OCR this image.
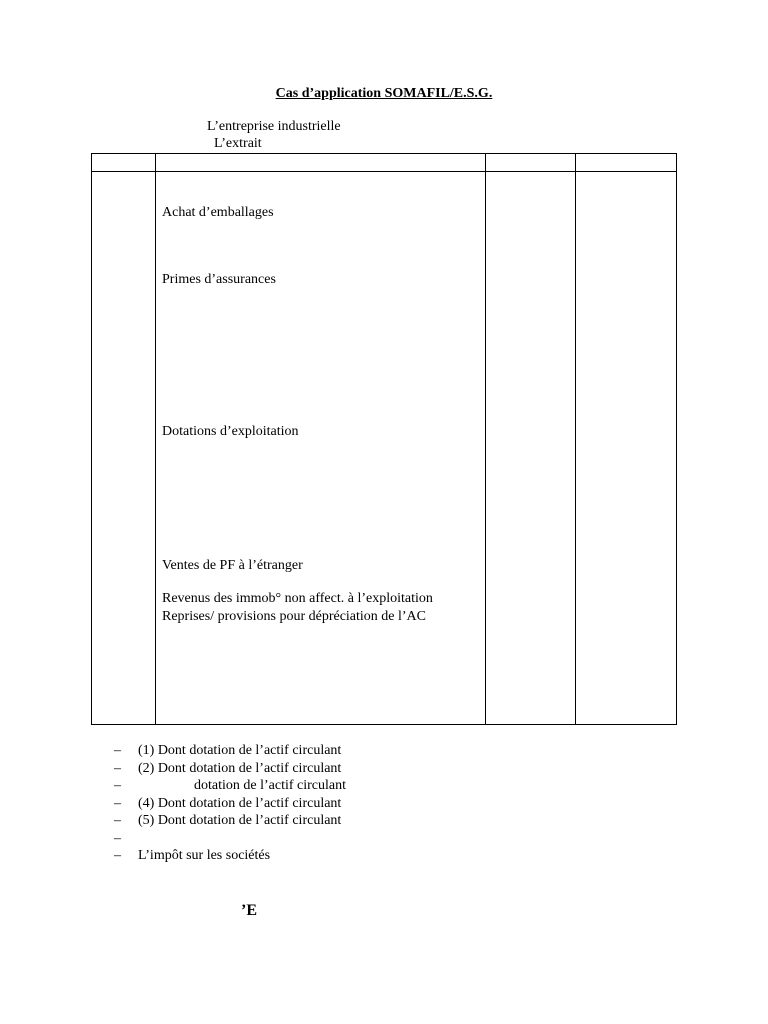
Cas d’application SOMAFIL/E.S.G.
L’entreprise industrielle
L’extrait
Achat d’emballages
Primes d’assurances
Dotations d’exploitation
Ventes de PF à l’étranger
Revenus des immob° non affect. à l’exploitation
Reprises/ provisions pour dépréciation de l’AC
– (1) Dont dotation de l’actif circulant
– (2) Dont dotation de l’actif circulant
–	dotation de l’actif circulant
– (4) Dont dotation de l’actif circulant
– (5) Dont dotation de l’actif circulant
–
– L’impôt sur les sociétés
’E
